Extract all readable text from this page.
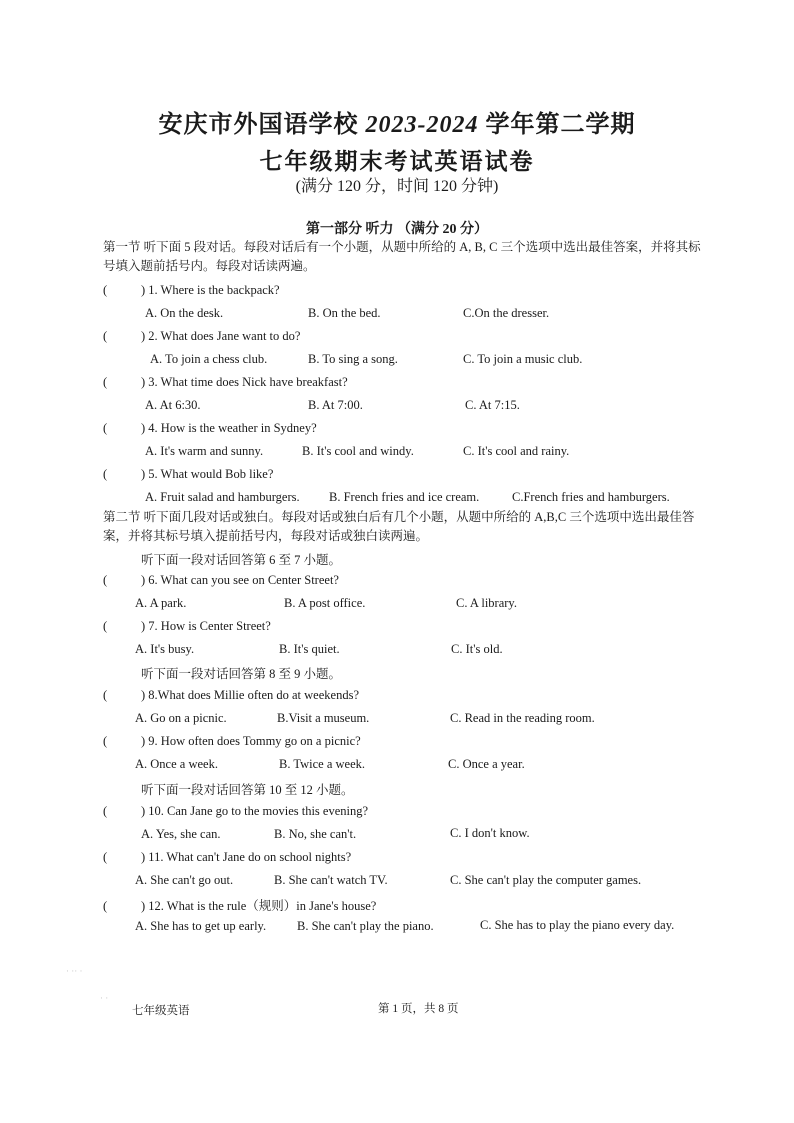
安庆市外国语学校 2023-2024 学年第二学期
七年级期末考试英语试卷
(满分 120 分，时间 120 分钟)
第一部分 听力 （满分 20 分）
第一节 听下面 5 段对话。每段对话后有一个小题，从题中所给的 A, B, C 三个选项中选出最佳答案，并将其标号填入题前括号内。每段对话读两遍。
(	) 1. Where is the backpack?
A. On the desk.	B. On the bed.	C.On the dresser.
(	) 2. What does Jane want to do?
A. To join a chess club.	B. To sing a song.	C. To join a music club.
(	) 3. What time does Nick have breakfast?
A. At 6:30.	B. At 7:00.	C. At 7:15.
(	) 4. How is the weather in Sydney?
A. It's warm and sunny.	B. It's cool and windy.	C. It's cool and rainy.
(	) 5. What would Bob like?
A. Fruit salad and hamburgers. B. French fries and ice cream.	C.French fries and hamburgers.
第二节 听下面几段对话或独白。每段对话或独白后有几个小题，从题中所给的 A,B,C 三个选项中选出最佳答案，并将其标号填入提前括号内，每段对话或独白读两遍。
听下面一段对话回答第 6 至 7 小题。
(	) 6. What can you see on Center Street?
A. A park.	B. A post office.	C. A library.
(	) 7. How is Center Street?
A. It's busy.	B. It's quiet.	C. It's old.
听下面一段对话回答第 8 至 9 小题。
(	) 8.What does Millie often do at weekends?
A. Go on a picnic.	B.Visit a museum.	C. Read in the reading room.
(	) 9. How often does Tommy go on a picnic?
A. Once a week.	B. Twice a week.	C. Once a year.
听下面一段对话回答第 10 至 12 小题。
(	) 10. Can Jane go to the movies this evening?
A. Yes, she can.	B. No, she can't.	C. I don't know.
(	) 11. What can't Jane do on school nights?
A. She can't go out.	B. She can't watch TV.	C. She can't play the computer games.
(	) 12. What is the rule（规则）in Jane's house?
A. She has to get up early. B. She can't play the piano.	C. She has to play the piano every day.
· ·· ·
· ·
七年级英语	第 1 页，共 8 页
